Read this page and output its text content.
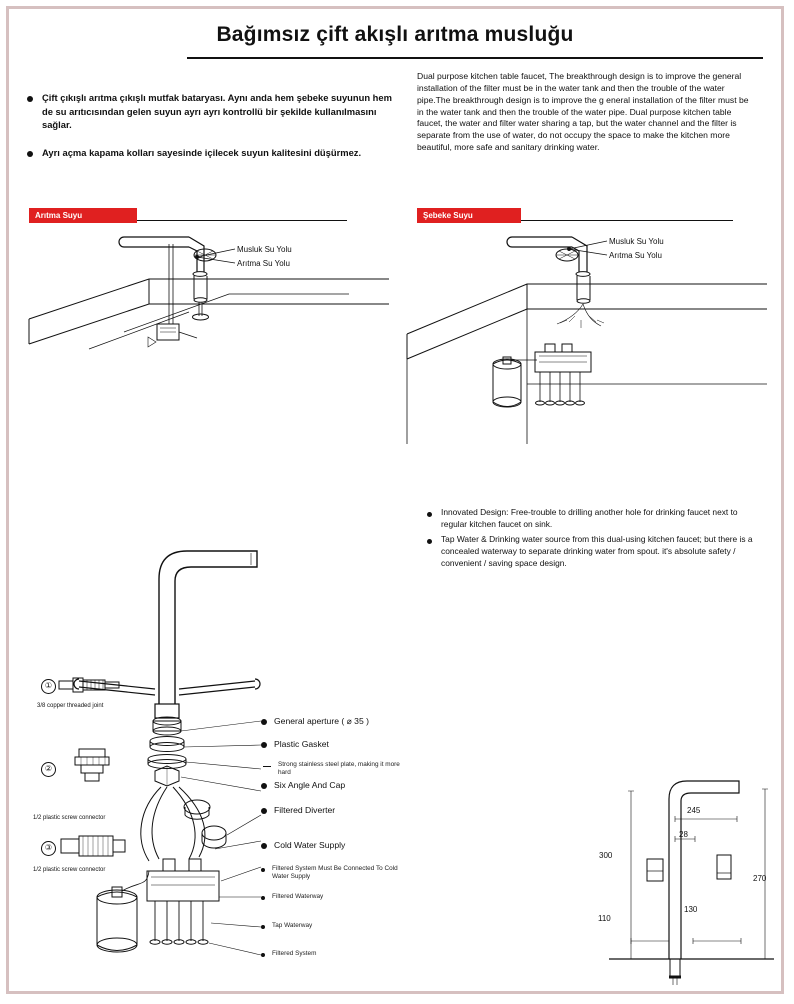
Bağımsız çift akışlı arıtma musluğu
Çift çıkışlı arıtma çıkışlı mutfak bataryası. Aynı anda hem şebeke suyunun hem de su arıtıcısından gelen suyun ayrı ayrı kontrollü bir şekilde kullanılmasını sağlar.
Ayrı açma kapama kolları sayesinde içilecek suyun kalitesini düşürmez.

Dual purpose kitchen table faucet, The breakthrough design is to improve the general installation of the filter must be in the water tank and then the trouble of the water pipe.The breakthrough design is to improve the g eneral installation of the filter must be in the water tank and then the trouble of the water pipe. Dual purpose kitchen table faucet, the water and filter water sharing a tap, but the water channel and the filter is separate from the use of water, do not occupy the space to make the kitchen more beautiful, more safe and sanitary drinking water.

Arıtma Suyu
Musluk Su Yolu
Arıtma Su Yolu
Şebeke Suyu
Musluk Su Yolu
Arıtma Su Yolu
Innovated Design: Free-trouble to drilling another hole for drinking faucet next to regular kitchen faucet on sink.
Tap Water & Drinking water source from this dual-using kitchen faucet; but there is a concealed waterway to separate drinking water from spout. it's absolute safety / convenient / saving space design.
①
3/8 copper threaded joint
②
1/2 plastic screw connector
③
1/2 plastic screw connector
General aperture ( ⌀ 35 )
Plastic Gasket
Strong stainless steel plate, making it more hard
Six Angle And Cap
Filtered Diverter
Cold Water Supply
Filtered System Must Be Connected To Cold Water Supply
Filtered Waterway
Tap Waterway
Filtered System
245
28
300
110
130
270
